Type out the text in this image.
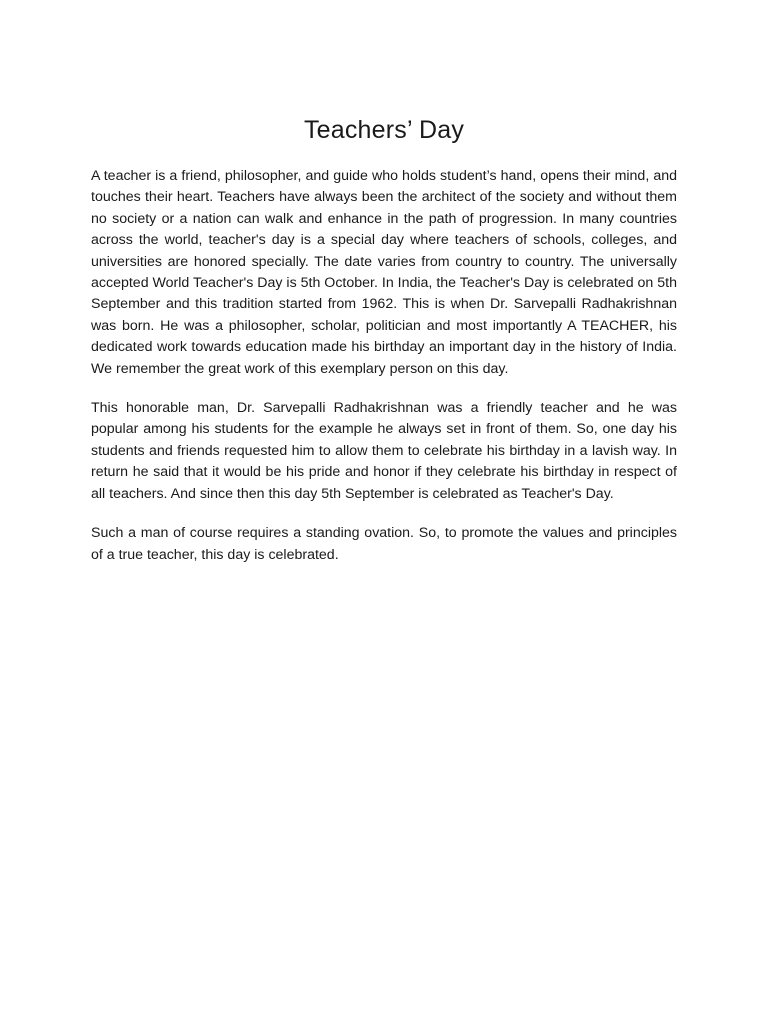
Teachers’ Day

A teacher is a friend, philosopher, and guide who holds student’s hand, opens their mind, and touches their heart. Teachers have always been the architect of the society and without them no society or a nation can walk and enhance in the path of progression. In many countries across the world, teacher's day is a special day where teachers of schools, colleges, and universities are honored specially. The date varies from country to country. The universally accepted World Teacher's Day is 5th October. In India, the Teacher's Day is celebrated on 5th September and this tradition started from 1962. This is when Dr. Sarvepalli Radhakrishnan was born. He was a philosopher, scholar, politician and most importantly A TEACHER, his dedicated work towards education made his birthday an important day in the history of India. We remember the great work of this exemplary person on this day.

This honorable man, Dr. Sarvepalli Radhakrishnan was a friendly teacher and he was popular among his students for the example he always set in front of them. So, one day his students and friends requested him to allow them to celebrate his birthday in a lavish way. In return he said that it would be his pride and honor if they celebrate his birthday in respect of all teachers. And since then this day 5th September is celebrated as Teacher's Day.

Such a man of course requires a standing ovation. So, to promote the values and principles of a true teacher, this day is celebrated.
